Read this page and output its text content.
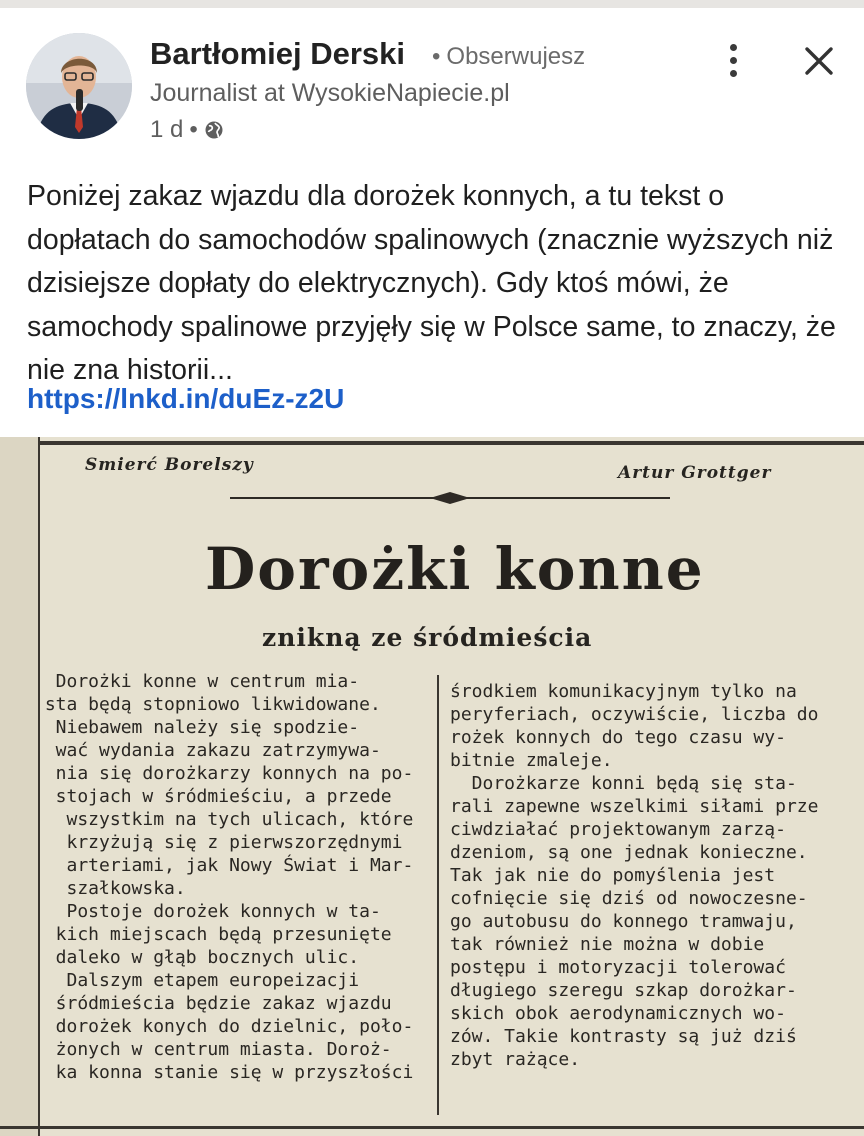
Bartłomiej Derski • Obserwujesz
Journalist at WysokieNapiecie.pl
1 d •
Poniżej zakaz wjazdu dla dorożek konnych, a tu tekst o dopłatach do samochodów spalinowych (znacznie wyższych niż dzisiejsze dopłaty do elektrycznych). Gdy ktoś mówi, że samochody spalinowe przyjęły się w Polsce same, to znaczy, że nie zna historii...
https://lnkd.in/duEz-z2U
Smierć Borelszy	Artur Grottger
Dorożki konne
znikną ze śródmieścia

Dorożki konne w centrum mia-

sta będą stopniowo likwidowane.

Niebawem należy się spodzie-

wać wydania zakazu zatrzymywa-

nia się dorożkarzy konnych na po-

stojach w śródmieściu, a przede

wszystkim na tych ulicach, które

krzyżują się z pierwszorzędnymi

arteriami, jak Nowy Świat i Mar-

szałkowska.

Postoje dorożek konnych w ta-

kich miejscach będą przesunięte

daleko w głąb bocznych ulic.

Dalszym etapem europeizacji

śródmieścia będzie zakaz wjazdu

dorożek konych do dzielnic, poło-

żonych w centrum miasta. Doroż-

ka konna stanie się w przyszłości

środkiem komunikacyjnym tylko na

peryferiach, oczywiście, liczba do

rożek konnych do tego czasu wy-

bitnie zmaleje.

Dorożkarze konni będą się sta-

rali zapewne wszelkimi siłami prze

ciwdziałać projektowanym zarzą-

dzeniom, są one jednak konieczne.

Tak jak nie do pomyślenia jest

cofnięcie się dziś od nowoczesne-

go autobusu do konnego tramwaju,

tak również nie można w dobie

postępu i motoryzacji tolerować

długiego szeregu szkap dorożkar-

skich obok aerodynamicznych wo-

zów. Takie kontrasty są już dziś

zbyt rażące.
